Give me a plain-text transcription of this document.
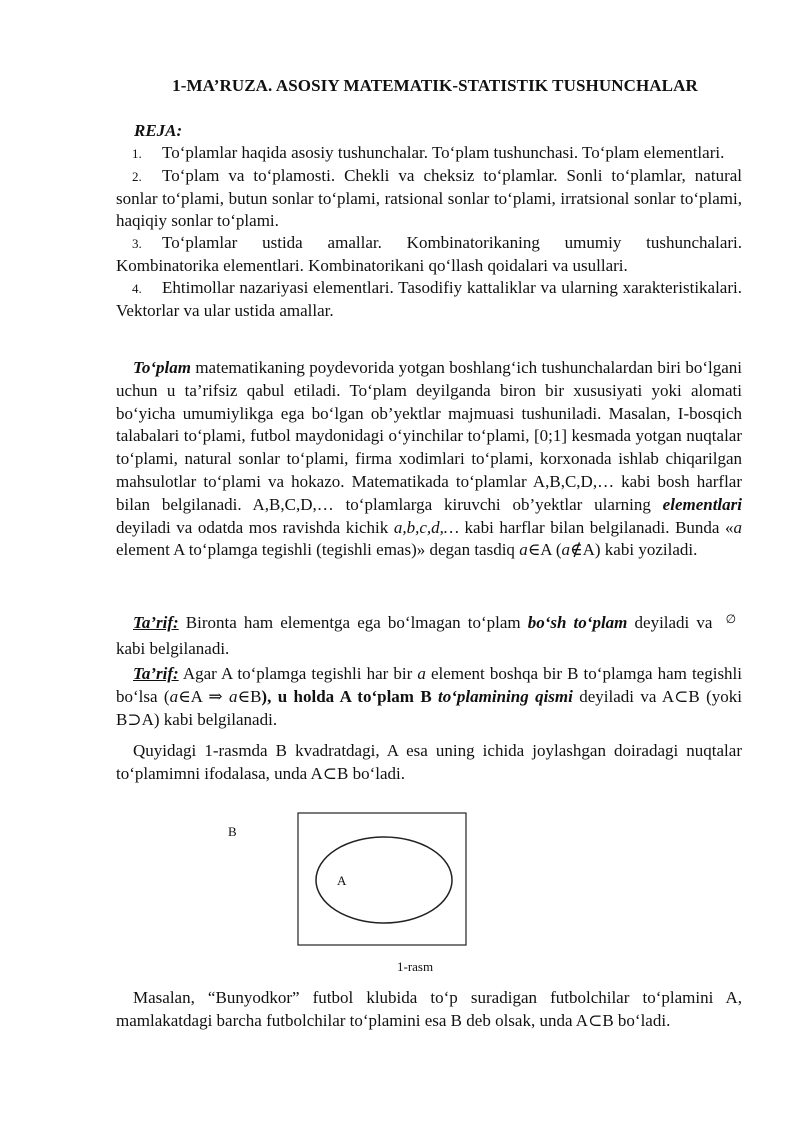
1-MA’RUZA. ASOSIY MATEMATIK-STATISTIK TUSHUNCHALAR
REJA:
1. To‘plamlar haqida asosiy tushunchalar. To‘plam tushunchasi. To‘plam elementlari.
2. To‘plam va to‘plamosti. Chekli va cheksiz to‘plamlar. Sonli to‘plamlar, natural sonlar to‘plami, butun sonlar to‘plami, ratsional sonlar to‘plami, irratsional sonlar to‘plami, haqiqiy sonlar to‘plami.
3. To‘plamlar ustida amallar. Kombinatorikaning umumiy tushunchalari. Kombinatorika elementlari. Kombinatorikani qo‘llash qoidalari va usullari.
4. Ehtimollar nazariyasi elementlari. Tasodifiy kattaliklar va ularning xarakteristikalari. Vektorlar va ular ustida amallar.

To‘plam matematikaning poydevorida yotgan boshlang‘ich tushunchalardan biri bo‘lgani uchun u ta’rifsiz qabul etiladi. To‘plam deyilganda biron bir xususiyati yoki alomati bo‘yicha umumiylikga ega bo‘lgan ob’yektlar majmuasi tushuniladi. Masalan, I-bosqich talabalari to‘plami, futbol maydonidagi o‘yinchilar to‘plami, [0;1] kesmada yotgan nuqtalar to‘plami, natural sonlar to‘plami, firma xodimlari to‘plami, korxonada ishlab chiqarilgan mahsulotlar to‘plami va hokazo. Matematikada to‘plamlar A,B,C,D,… kabi bosh harflar bilan belgilanadi. A,B,C,D,… to‘plamlarga kiruvchi ob’yektlar ularning elementlari deyiladi va odatda mos ravishda kichik a,b,c,d,… kabi harflar bilan belgilanadi. Bunda «a element A to‘plamga tegishli (tegishli emas)» degan tasdiq a∈A (a∉A) kabi yoziladi.

Ta’rif: Bironta ham elementga ega bo‘lmagan to‘plam bo‘sh to‘plam deyiladi va ∅ kabi belgilanadi.

Ta’rif: Agar A to‘plamga tegishli har bir a element boshqa bir B to‘plamga ham tegishli bo‘lsa (a∈A ⇒ a∈B), u holda A to‘plam B to‘plamining qismi deyiladi va A⊂B (yoki B⊃A) kabi belgilanadi.

Quyidagi 1-rasmda B kvadratdagi, A esa uning ichida joylashgan doiradagi nuqtalar to‘plamimni ifodalasa, unda A⊂B bo‘ladi.

B
A
1-rasm

Masalan, “Bunyodkor” futbol klubida to‘p suradigan futbolchilar to‘plamini A, mamlakatdagi barcha futbolchilar to‘plamini esa B deb olsak, unda A⊂B bo‘ladi.
